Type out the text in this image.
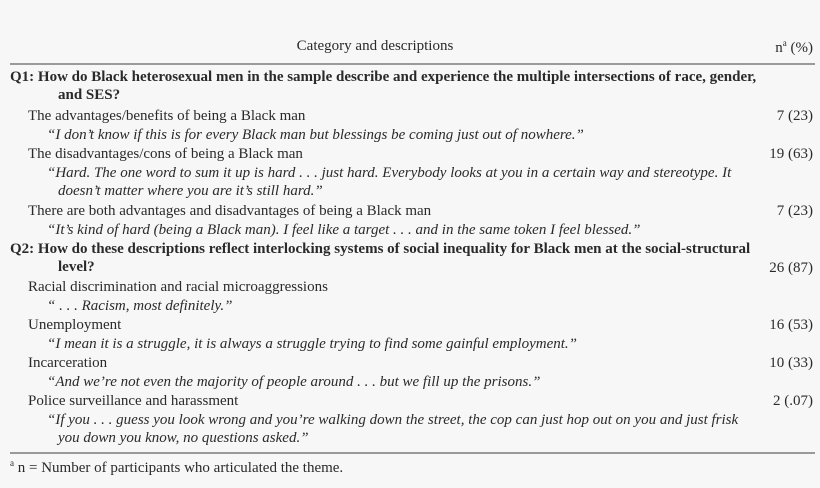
Category and descriptions	$n^a$ (%)
Q1: How do Black heterosexual men in the sample describe and experience the multiple intersections of race, gender, and SES?
The advantages/benefits of being a Black man	7 (23)
“I don’t know if this is for every Black man but blessings be coming just out of nowhere.”
The disadvantages/cons of being a Black man	19 (63)
“Hard. The one word to sum it up is hard . . . just hard. Everybody looks at you in a certain way and stereotype. It doesn’t matter where you are it’s still hard.”
There are both advantages and disadvantages of being a Black man	7 (23)
“It’s kind of hard (being a Black man). I feel like a target . . . and in the same token I feel blessed.”
Q2: How do these descriptions reflect interlocking systems of social inequality for Black men at the social-structural level?	26 (87)
Racial discrimination and racial microaggressions
“ . . . Racism, most definitely.”
Unemployment	16 (53)
“I mean it is a struggle, it is always a struggle trying to find some gainful employment.”
Incarceration	10 (33)
“And we’re not even the majority of people around . . . but we fill up the prisons.”
Police surveillance and harassment	2 (.07)
“If you . . . guess you look wrong and you’re walking down the street, the cop can just hop out on you and just frisk you down you know, no questions asked.”
$^a$ n = Number of participants who articulated the theme.
